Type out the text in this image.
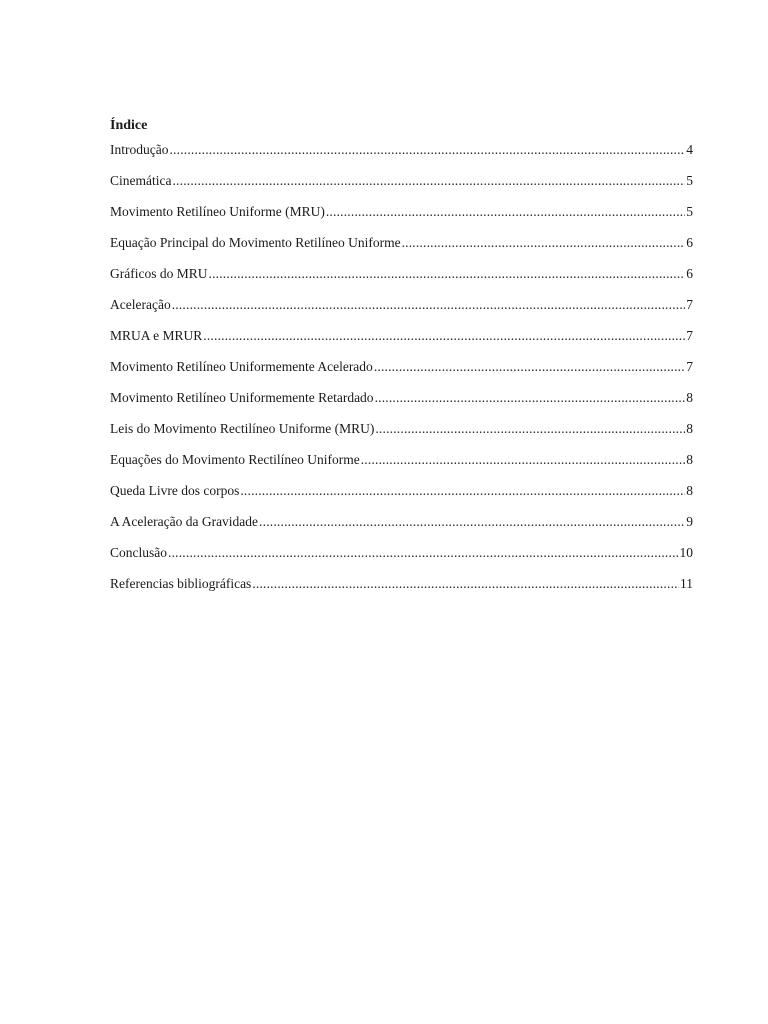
Índice
Introdução .....	4
Cinemática .....	5
Movimento Retilíneo Uniforme (MRU) .....	5
Equação Principal do Movimento Retilíneo Uniforme .....	6
Gráficos do MRU .....	6
Aceleração .....	7
MRUA e MRUR .....	7
Movimento Retilíneo Uniformemente Acelerado .....	7
Movimento Retilíneo Uniformemente Retardado .....	8
Leis do Movimento Rectilíneo Uniforme (MRU) .....	8
Equações do Movimento Rectilíneo Uniforme .....	8
Queda Livre dos corpos .....	8
A Aceleração da Gravidade .....	9
Conclusão .....	10
Referencias bibliográficas .....	11
